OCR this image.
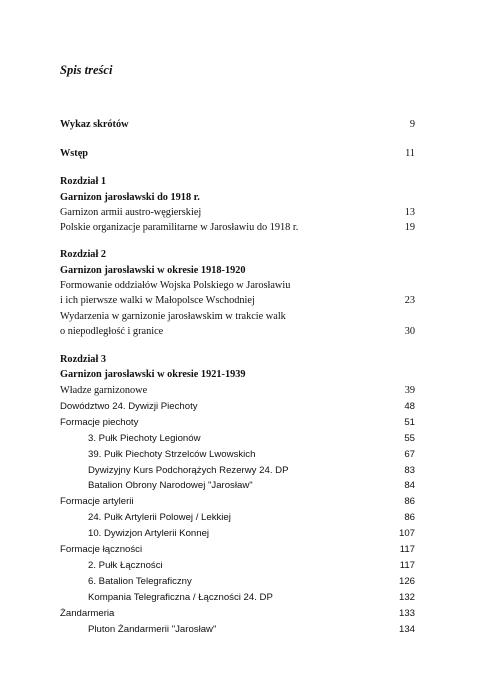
Spis treści
Wykaz skrótów	9
Wstęp	11
Rozdział 1
Garnizon jarosławski do 1918 r.
Garnizon armii austro-węgierskiej	13
Polskie organizacje paramilitarne w Jarosławiu do 1918 r.	19
Rozdział 2
Garnizon jarosławski w okresie 1918-1920
Formowanie oddziałów Wojska Polskiego w Jarosławiu
i ich pierwsze walki w Małopolsce Wschodniej	23
Wydarzenia w garnizonie jarosławskim w trakcie walk
o niepodległość i granice	30
Rozdział 3
Garnizon jarosławski w okresie 1921-1939
Władze garnizonowe	39
Dowództwo 24. Dywizji Piechoty	48
Formacje piechoty	51
3. Pułk Piechoty Legionów	55
39. Pułk Piechoty Strzelców Lwowskich	67
Dywizyjny Kurs Podchorążych Rezerwy 24. DP	83
Batalion Obrony Narodowej "Jarosław"	84
Formacje artylerii	86
24. Pułk Artylerii Polowej / Lekkiej	86
10. Dywizjon Artylerii Konnej	107
Formacje łączności	117
2. Pułk Łączności	117
6. Batalion Telegraficzny	126
Kompania Telegraficzna / Łączności 24. DP	132
Żandarmeria	133
Pluton Żandarmerii "Jarosław"	134
